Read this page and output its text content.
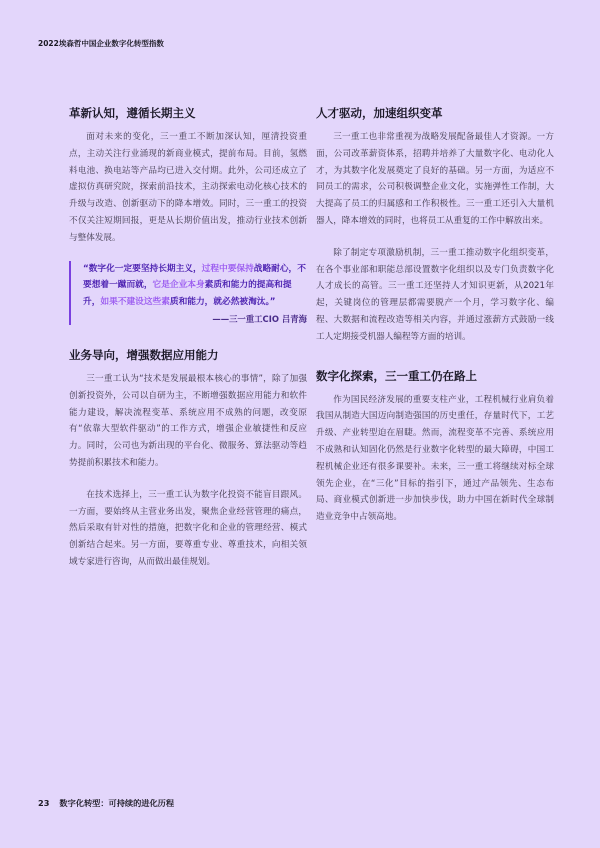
2022埃森哲中国企业数字化转型指数
革新认知，遵循长期主义

面对未来的变化，三一重工不断加深认知，厘清投资重点，主动关注行业涌现的新商业模式，提前布局。目前，氢燃料电池、换电站等产品均已进入交付期。此外，公司还成立了虚拟仿真研究院，探索前沿技术，主动探索电动化核心技术的升级与改造、创新驱动下的降本增效。同时，三一重工的投资不仅关注短期回报，更是从长期价值出发，推动行业技术创新与整体发展。

“数字化一定要坚持长期主义，过程中要保持战略耐心，不要想着一蹴而就，它是企业本身素质和能力的提高和提升，如果不建设这些素质和能力，就必然被淘汰。”
——三一重工CIO 吕青海
业务导向，增强数据应用能力

三一重工认为“技术是发展最根本核心的事情”，除了加强创新投资外，公司以自研为主，不断增强数据应用能力和软件能力建设，解决流程变革、系统应用不成熟的问题，改变原有“依靠大型软件驱动”的工作方式，增强企业敏捷性和反应力。同时，公司也为新出现的平台化、微服务、算法驱动等趋势提前积累技术和能力。

在技术选择上，三一重工认为数字化投资不能盲目跟风。一方面，要始终从主营业务出发，聚焦企业经营管理的痛点，然后采取有针对性的措施，把数字化和企业的管理经营、模式创新结合起来。另一方面，要尊重专业、尊重技术，向相关领域专家进行咨询，从而做出最佳规划。

人才驱动，加速组织变革

三一重工也非常重视为战略发展配备最佳人才资源。一方面，公司改革薪资体系，招聘并培养了大量数字化、电动化人才，为其数字化发展奠定了良好的基础。另一方面，为适应不同员工的需求，公司积极调整企业文化，实施弹性工作制，大大提高了员工的归属感和工作积极性。三一重工还引入大量机器人，降本增效的同时，也将员工从重复的工作中解放出来。

除了制定专项激励机制，三一重工推动数字化组织变革，在各个事业部和职能总部设置数字化组织以及专门负责数字化人才成长的高管。三一重工还坚持人才知识更新，从2021年起，关键岗位的管理层都需要脱产一个月，学习数字化、编程、大数据和流程改造等相关内容，并通过涨薪方式鼓励一线工人定期接受机器人编程等方面的培训。

数字化探索，三一重工仍在路上

作为国民经济发展的重要支柱产业，工程机械行业肩负着我国从制造大国迈向制造强国的历史重任，存量时代下，工艺升级、产业转型迫在眉睫。然而，流程变革不完善、系统应用不成熟和认知固化仍然是行业数字化转型的最大障碍，中国工程机械企业还有很多课要补。未来，三一重工将继续对标全球领先企业，在“三化”目标的指引下，通过产品领先、生态布局、商业模式创新进一步加快步伐，助力中国在新时代全球制造业竞争中占领高地。

23 数字化转型：可持续的进化历程
